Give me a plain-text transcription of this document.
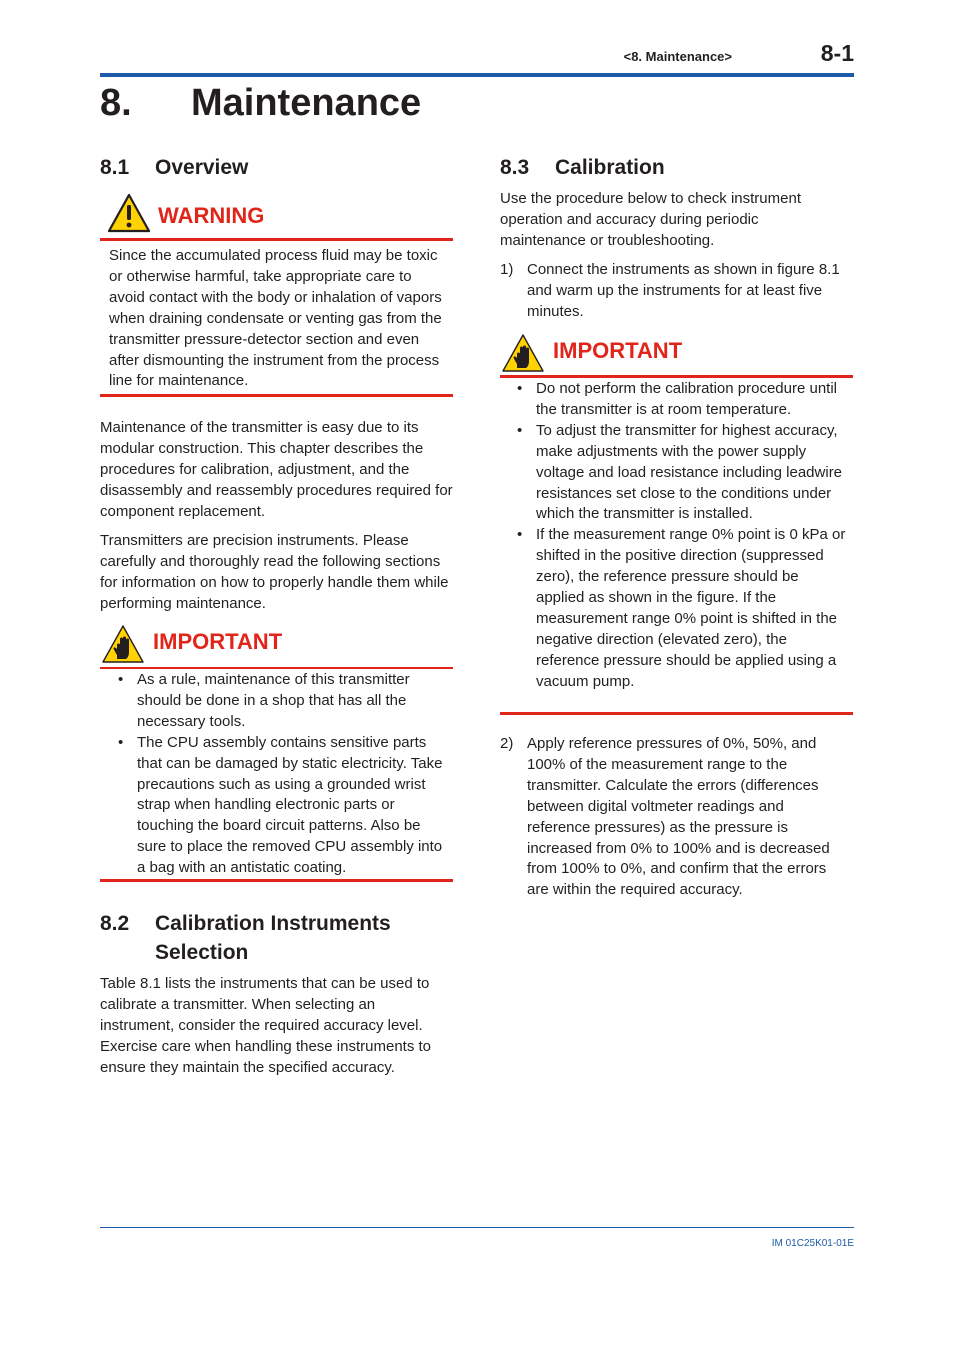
<8. Maintenance>	8-1
8. Maintenance
8.1 Overview
WARNING
Since the accumulated process fluid may be toxic or otherwise harmful, take appropriate care to avoid contact with the body or inhalation of vapors when draining condensate or venting gas from the transmitter pressure-detector section and even after dismounting the instrument from the process line for maintenance.
Maintenance of the transmitter is easy due to its modular construction. This chapter describes the procedures for calibration, adjustment, and the disassembly and reassembly procedures required for component replacement.
Transmitters are precision instruments. Please carefully and thoroughly read the following sections for information on how to properly handle them while performing maintenance.
IMPORTANT
• As a rule, maintenance of this transmitter should be done in a shop that has all the necessary tools.
• The CPU assembly contains sensitive parts that can be damaged by static electricity. Take precautions such as using a grounded wrist strap when handling electronic parts or touching the board circuit patterns. Also be sure to place the removed CPU assembly into a bag with an antistatic coating.
8.2 Calibration Instruments
Selection
Table 8.1 lists the instruments that can be used to calibrate a transmitter. When selecting an instrument, consider the required accuracy level. Exercise care when handling these instruments to ensure they maintain the specified accuracy.
8.3 Calibration
Use the procedure below to check instrument operation and accuracy during periodic maintenance or troubleshooting.
1) Connect the instruments as shown in figure 8.1 and warm up the instruments for at least five minutes.
IMPORTANT
• Do not perform the calibration procedure until the transmitter is at room temperature.
• To adjust the transmitter for highest accuracy, make adjustments with the power supply voltage and load resistance including leadwire resistances set close to the conditions under which the transmitter is installed.
• If the measurement range 0% point is 0 kPa or shifted in the positive direction (suppressed zero), the reference pressure should be applied as shown in the figure. If the measurement range 0% point is shifted in the negative direction (elevated zero), the reference pressure should be applied using a vacuum pump.
2) Apply reference pressures of 0%, 50%, and 100% of the measurement range to the transmitter. Calculate the errors (differences between digital voltmeter readings and reference pressures) as the pressure is increased from 0% to 100% and is decreased from 100% to 0%, and confirm that the errors are within the required accuracy.
IM 01C25K01-01E
